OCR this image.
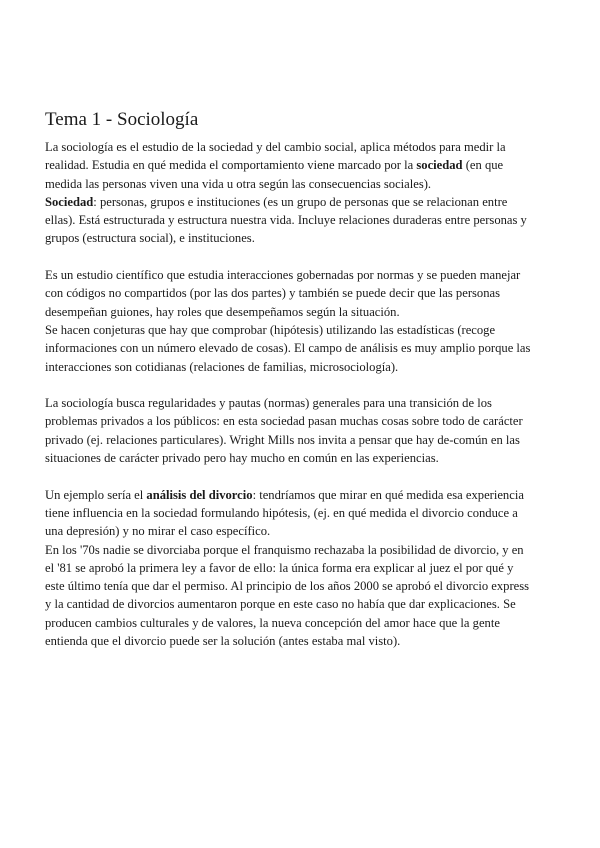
Tema 1 - Sociología

La sociología es el estudio de la sociedad y del cambio social, aplica métodos para medir la realidad. Estudia en qué medida el comportamiento viene marcado por la sociedad (en que medida las personas viven una vida u otra según las consecuencias sociales).

Sociedad: personas, grupos e instituciones (es un grupo de personas que se relacionan entre ellas). Está estructurada y estructura nuestra vida. Incluye relaciones duraderas entre personas y grupos (estructura social), e instituciones.

Es un estudio científico que estudia interacciones gobernadas por normas y se pueden manejar con códigos no compartidos (por las dos partes) y también se puede decir que las personas desempeñan guiones, hay roles que desempeñamos según la situación.

Se hacen conjeturas que hay que comprobar (hipótesis) utilizando las estadísticas (recoge informaciones con un número elevado de cosas). El campo de análisis es muy amplio porque las interacciones son cotidianas (relaciones de familias, microsociología).

La sociología busca regularidades y pautas (normas) generales para una transición de los problemas privados a los públicos: en esta sociedad pasan muchas cosas sobre todo de carácter privado (ej. relaciones particulares). Wright Mills nos invita a pensar que hay de-común en las situaciones de carácter privado pero hay mucho en común en las experiencias.

Un ejemplo sería el análisis del divorcio: tendríamos que mirar en qué medida esa experiencia tiene influencia en la sociedad formulando hipótesis, (ej. en qué medida el divorcio conduce a una depresión) y no mirar el caso específico.

En los '70s nadie se divorciaba porque el franquismo rechazaba la posibilidad de divorcio, y en el '81 se aprobó la primera ley a favor de ello: la única forma era explicar al juez el por qué y este último tenía que dar el permiso. Al principio de los años 2000 se aprobó el divorcio express y la cantidad de divorcios aumentaron porque en este caso no había que dar explicaciones. Se producen cambios culturales y de valores, la nueva concepción del amor hace que la gente entienda que el divorcio puede ser la solución (antes estaba mal visto).
